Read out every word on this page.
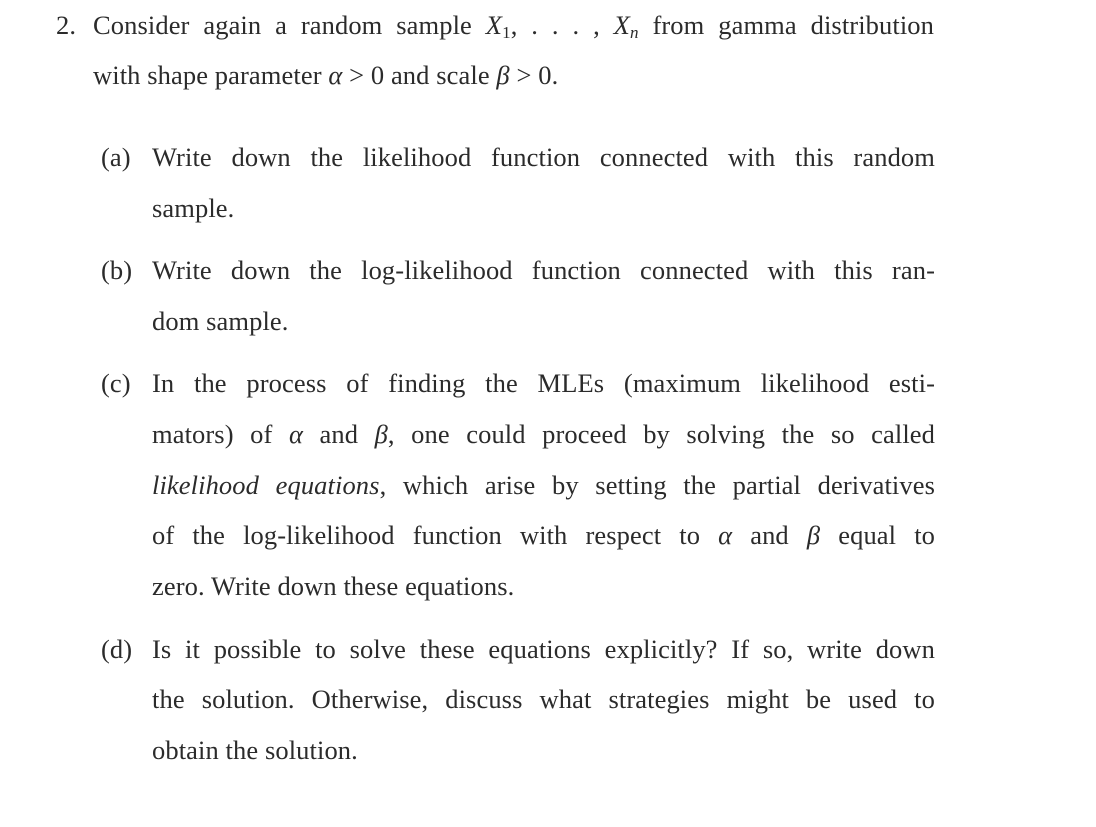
2. Consider again a random sample $X_1$, . . . , $X_n$ from gamma distribution
with shape parameter α > 0 and scale β > 0.
(a) Write down the likelihood function connected with this random
sample.
(b) Write down the log-likelihood function connected with this ran-
dom sample.
(c) In the process of finding the MLEs (maximum likelihood esti-
mators) of α and β, one could proceed by solving the so called
likelihood equations, which arise by setting the partial derivatives
of the log-likelihood function with respect to α and β equal to
zero. Write down these equations.
(d) Is it possible to solve these equations explicitly? If so, write down
the solution. Otherwise, discuss what strategies might be used to
obtain the solution.
